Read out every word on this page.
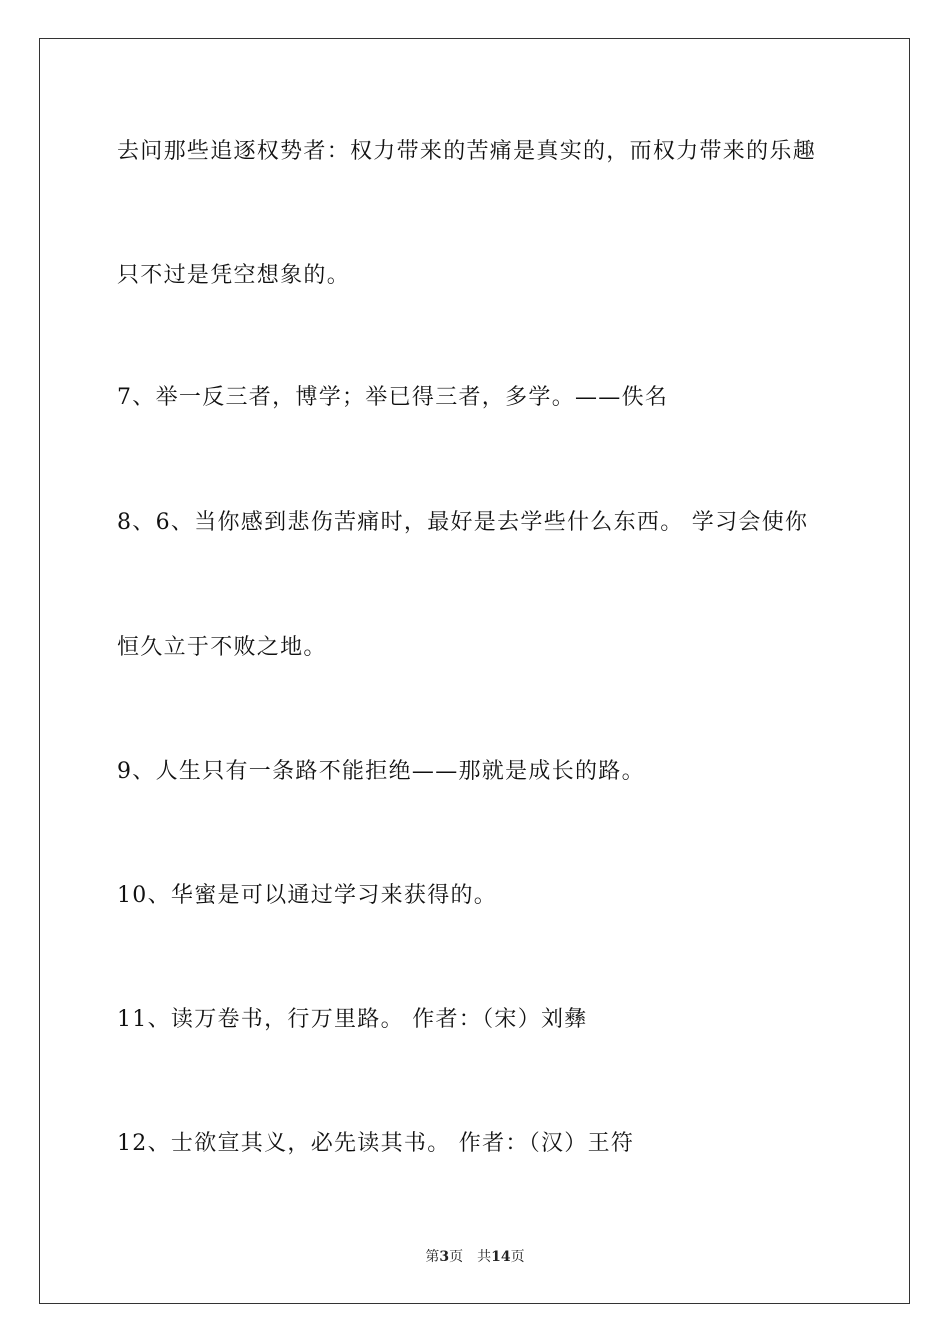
去问那些追逐权势者：权力带来的苦痛是真实的，而权力带来的乐趣
只不过是凭空想象的。
7、举一反三者，博学；举已得三者，多学。——佚名
8、6、当你感到悲伤苦痛时，最好是去学些什么东西。 学习会使你
恒久立于不败之地。
9、人生只有一条路不能拒绝——那就是成长的路。
10、华蜜是可以通过学习来获得的。
11、读万卷书，行万里路。 作者：（宋）刘彝
12、士欲宣其义，必先读其书。 作者：（汉）王符
第3页　共14页
